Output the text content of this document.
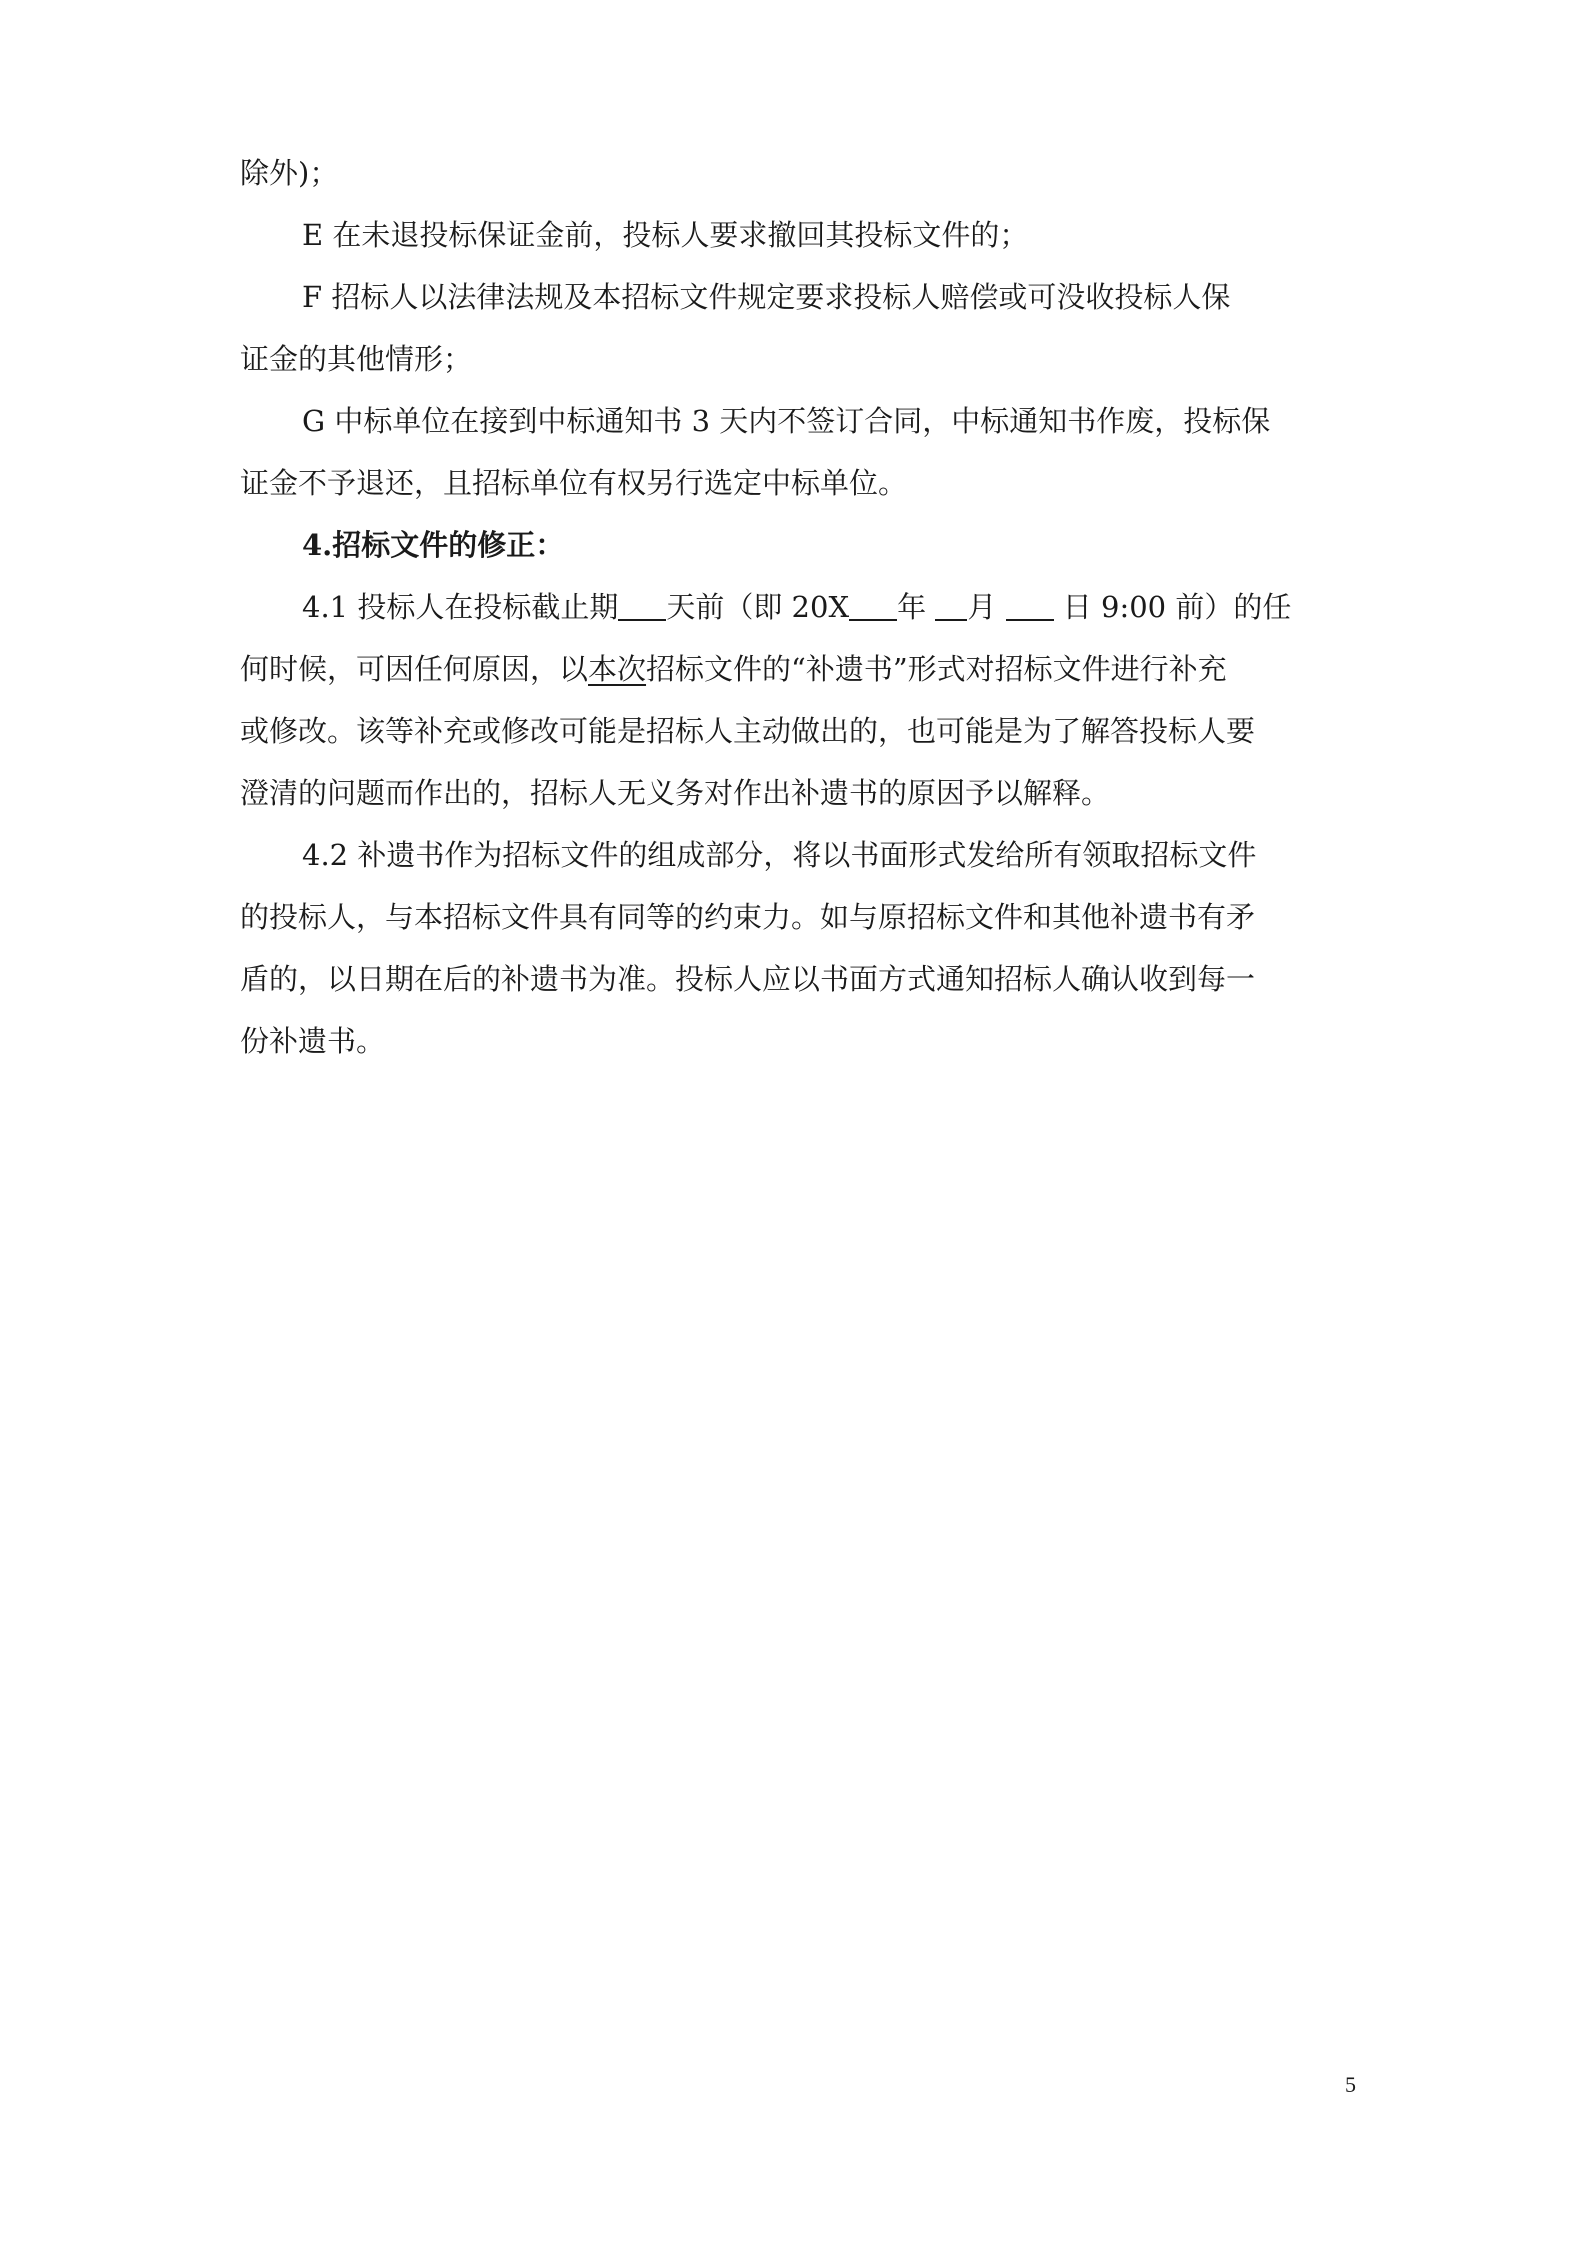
除外)；
E 在未退投标保证金前，投标人要求撤回其投标文件的；
F 招标人以法律法规及本招标文件规定要求投标人赔偿或可没收投标人保
证金的其他情形；
G 中标单位在接到中标通知书 3 天内不签订合同，中标通知书作废，投标保
证金不予退还，且招标单位有权另行选定中标单位。
4.招标文件的修正：
4.1 投标人在投标截止期 天前（即 20X 年 月 日 9:00 前）的任
何时候，可因任何原因，以本次招标文件的“补遗书”形式对招标文件进行补充
或修改。该等补充或修改可能是招标人主动做出的，也可能是为了解答投标人要
澄清的问题而作出的，招标人无义务对作出补遗书的原因予以解释。
4.2 补遗书作为招标文件的组成部分，将以书面形式发给所有领取招标文件
的投标人，与本招标文件具有同等的约束力。如与原招标文件和其他补遗书有矛
盾的，以日期在后的补遗书为准。投标人应以书面方式通知招标人确认收到每一
份补遗书。
5
